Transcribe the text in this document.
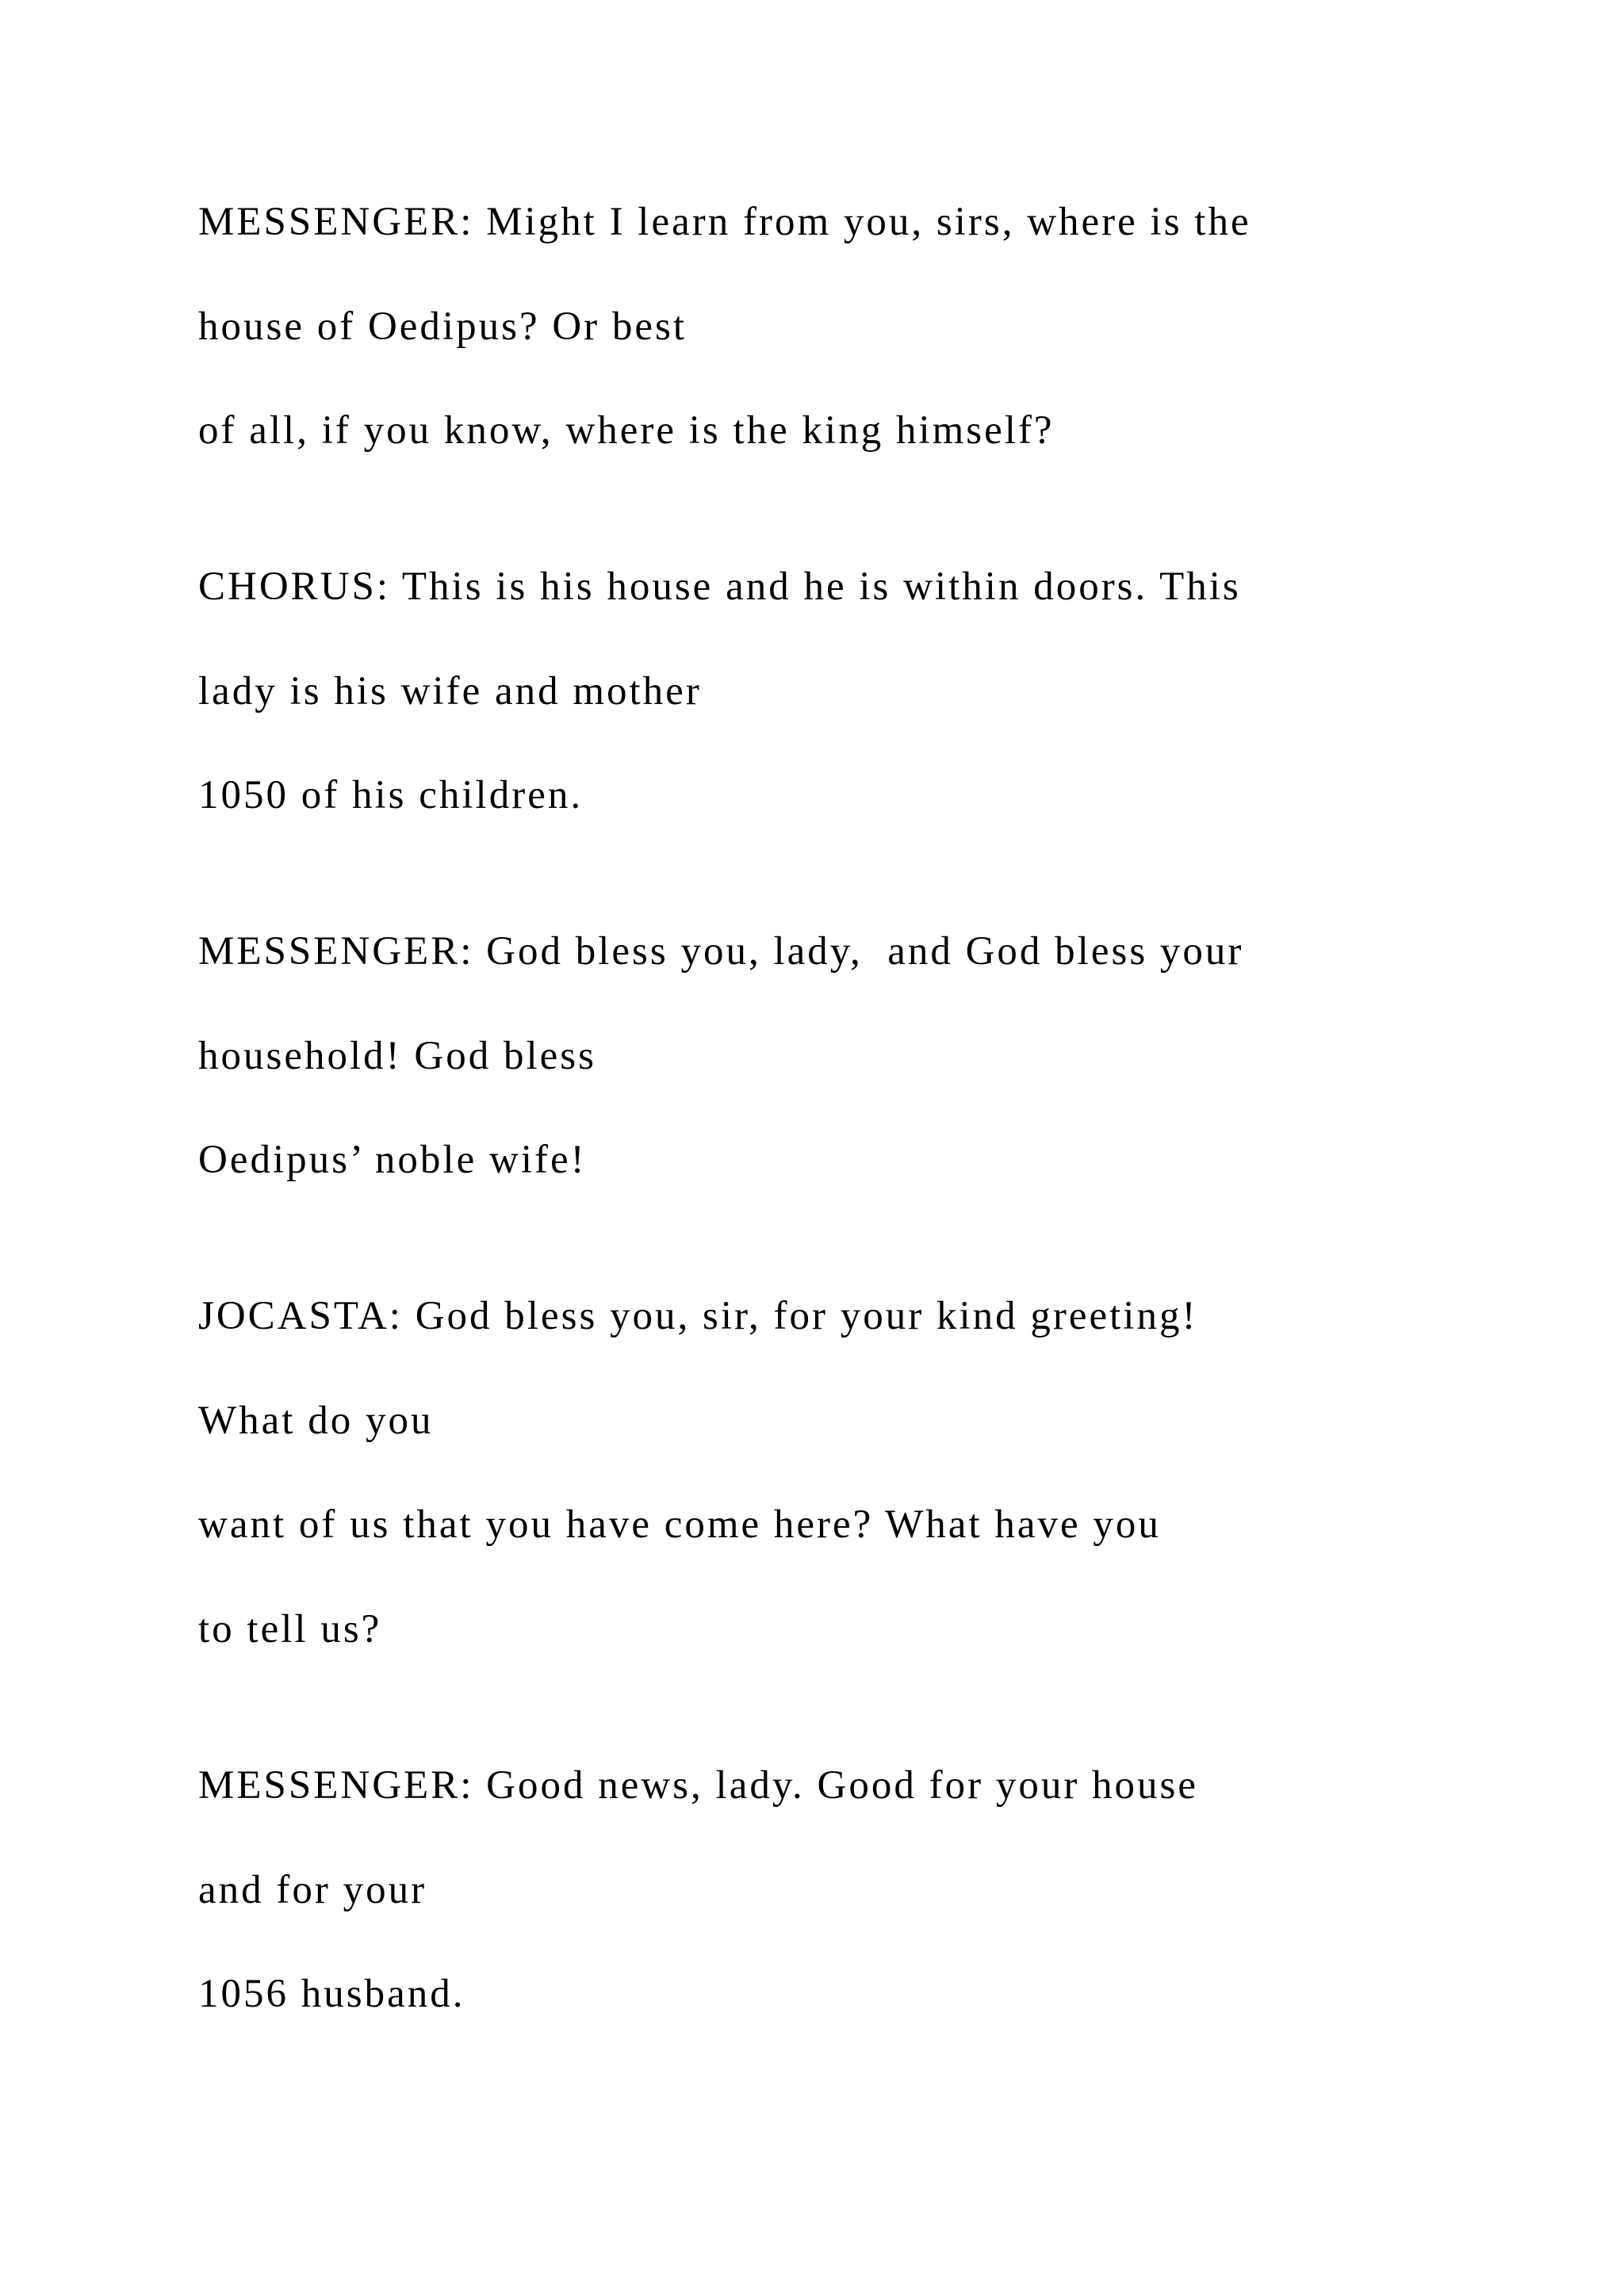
MESSENGER: Might I learn from you, sirs, where is the

house of Oedipus? Or best

of all, if you know, where is the king himself?

CHORUS: This is his house and he is within doors. This

lady is his wife and mother

1050 of his children.

MESSENGER: God bless you, lady,  and God bless your

household! God bless

Oedipus’ noble wife!

JOCASTA: God bless you, sir, for your kind greeting!

What do you

want of us that you have come here? What have you

to tell us?

MESSENGER: Good news, lady. Good for your house

and for your

1056 husband.
